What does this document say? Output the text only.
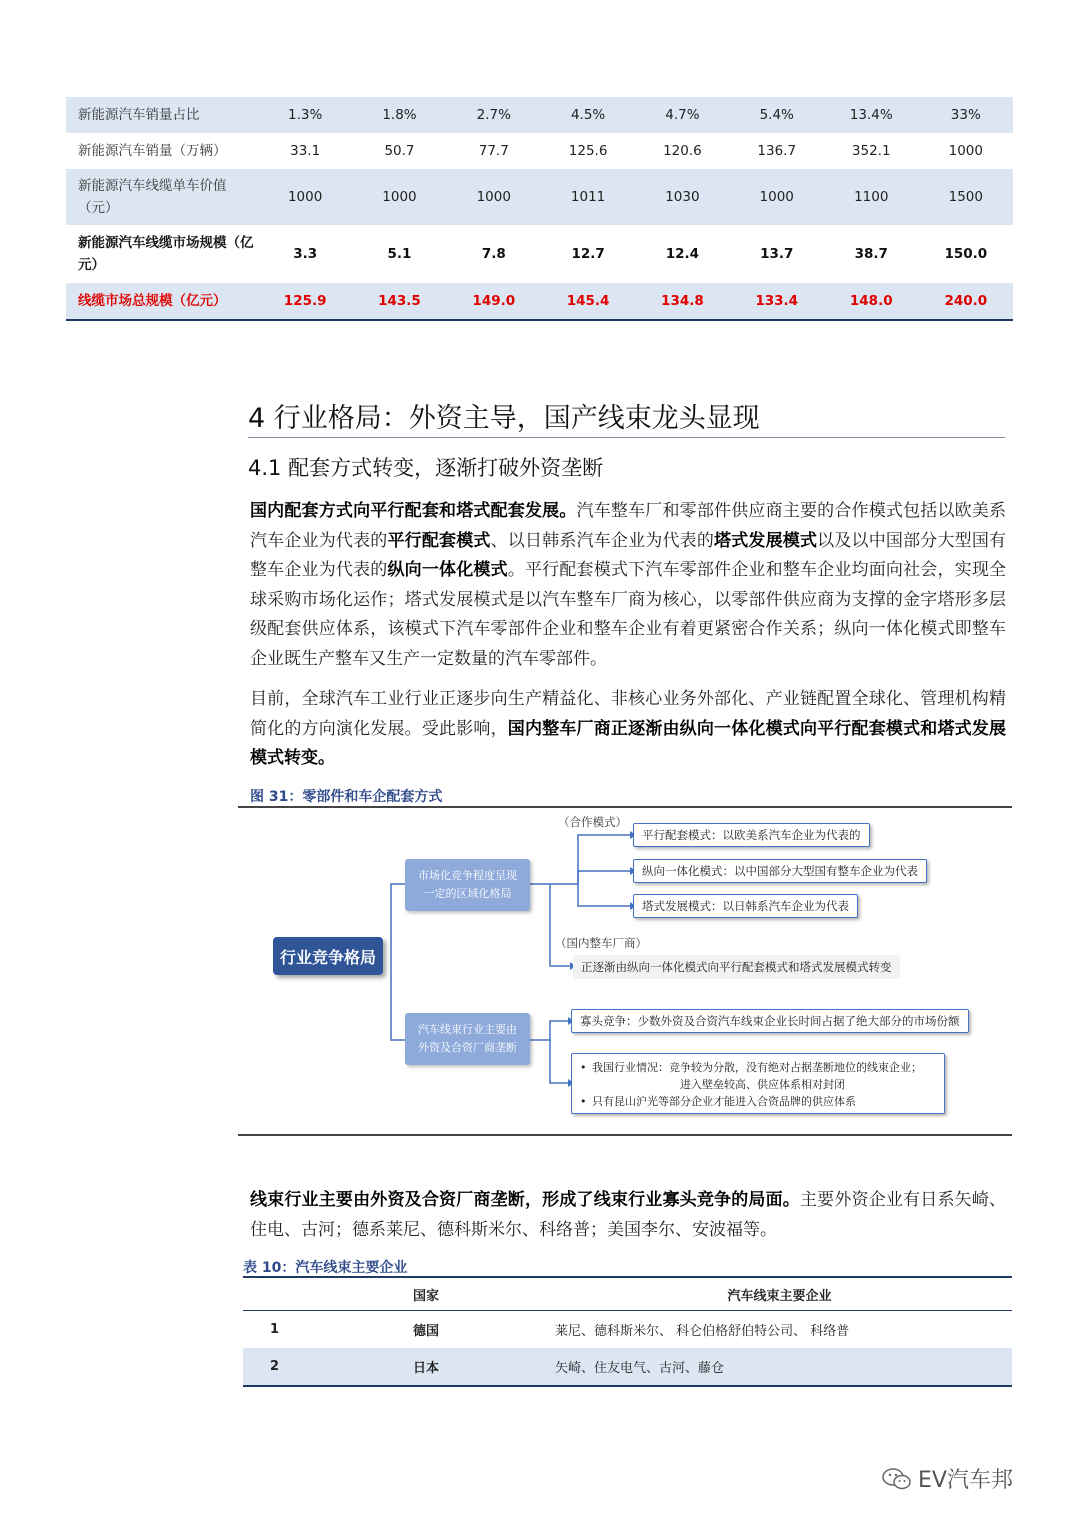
新能源汽车销量占比	1.3%	1.8%	2.7%	4.5%	4.7%	5.4%	13.4%	33%
新能源汽车销量（万辆）	33.1	50.7	77.7	125.6	120.6	136.7	352.1	1000
新能源汽车线缆单车价值（元）	1000	1000	1000	1011	1030	1000	1100	1500
新能源汽车线缆市场规模（亿元）	3.3	5.1	7.8	12.7	12.4	13.7	38.7	150.0
线缆市场总规模（亿元）	125.9	143.5	149.0	145.4	134.8	133.4	148.0	240.0
4 行业格局：外资主导，国产线束龙头显现
4.1 配套方式转变，逐渐打破外资垄断

国内配套方式向平行配套和塔式配套发展。汽车整车厂和零部件供应商主要的合作模式包括以欧美系汽车企业为代表的平行配套模式、以日韩系汽车企业为代表的塔式发展模式以及以中国部分大型国有整车企业为代表的纵向一体化模式。平行配套模式下汽车零部件企业和整车企业均面向社会，实现全球采购市场化运作；塔式发展模式是以汽车整车厂商为核心，以零部件供应商为支撑的金字塔形多层级配套供应体系，该模式下汽车零部件企业和整车企业有着更紧密合作关系；纵向一体化模式即整车企业既生产整车又生产一定数量的汽车零部件。

目前，全球汽车工业行业正逐步向生产精益化、非核心业务外部化、产业链配置全球化、管理机构精简化的方向演化发展。受此影响，国内整车厂商正逐渐由纵向一体化模式向平行配套模式和塔式发展模式转变。

图 31：零部件和车企配套方式
行业竞争格局
市场化竞争程度呈现一定的区域化格局
汽车线束行业主要由外资及合资厂商垄断
（合作模式）
平行配套模式：以欧美系汽车企业为代表的
纵向一体化模式：以中国部分大型国有整车企业为代表
塔式发展模式：以日韩系汽车企业为代表
（国内整车厂商）
正逐渐由纵向一体化模式向平行配套模式和塔式发展模式转变
寡头竞争：少数外资及合资汽车线束企业长时间占据了绝大部分的市场份额
• 我国行业情况：竞争较为分散，没有绝对占据垄断地位的线束企业；
进入壁垒较高、供应体系相对封闭
• 只有昆山沪光等部分企业才能进入合资品牌的供应体系

线束行业主要由外资及合资厂商垄断，形成了线束行业寡头竞争的局面。主要外资企业有日系矢崎、住电、古河；德系莱尼、德科斯米尔、科络普；美国李尔、安波福等。

表 10：汽车线束主要企业
	国家	汽车线束主要企业
1	德国	莱尼、德科斯米尔、 科仑伯格舒伯特公司、 科络普
2	日本	矢崎、住友电气、古河、藤仓
EV汽车邦
